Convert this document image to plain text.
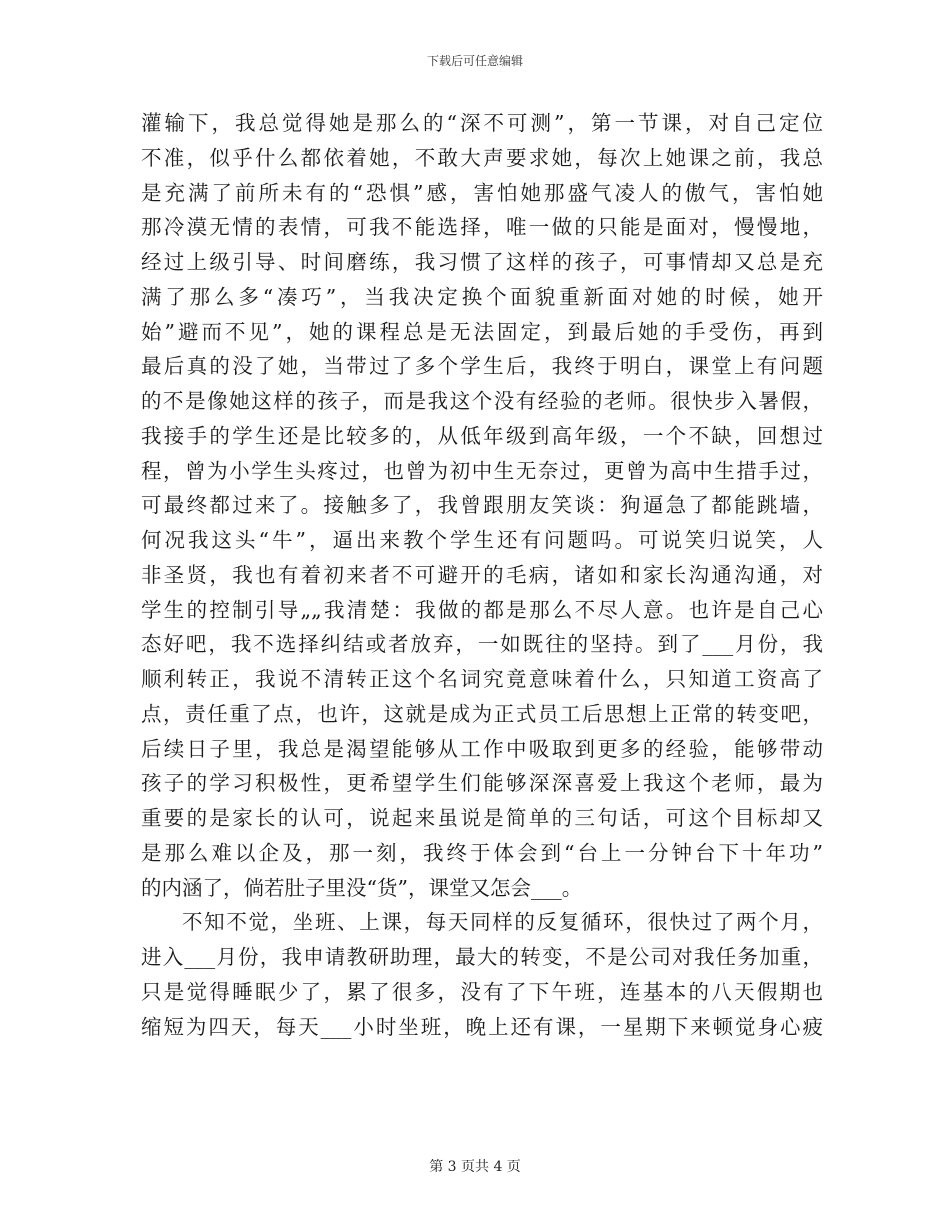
下载后可任意编辑
灌输下，我总觉得她是那么的“深不可测”，第一节课，对自己定位
不准，似乎什么都依着她，不敢大声要求她，每次上她课之前，我总
是充满了前所未有的“恐惧”感，害怕她那盛气凌人的傲气，害怕她
那冷漠无情的表情，可我不能选择，唯一做的只能是面对，慢慢地，
经过上级引导、时间磨练，我习惯了这样的孩子，可事情却又总是充
满了那么多“凑巧”，当我决定换个面貌重新面对她的时候，她开
始”避而不见”，她的课程总是无法固定，到最后她的手受伤，再到
最后真的没了她，当带过了多个学生后，我终于明白，课堂上有问题
的不是像她这样的孩子，而是我这个没有经验的老师。很快步入暑假，
我接手的学生还是比较多的，从低年级到高年级，一个不缺，回想过
程，曾为小学生头疼过，也曾为初中生无奈过，更曾为高中生措手过，
可最终都过来了。接触多了，我曾跟朋友笑谈：狗逼急了都能跳墙，
何况我这头“牛”，逼出来教个学生还有问题吗。可说笑归说笑，人
非圣贤，我也有着初来者不可避开的毛病，诸如和家长沟通沟通，对
学生的控制引导„„我清楚：我做的都是那么不尽人意。也许是自己心
态好吧，我不选择纠结或者放弃，一如既往的坚持。到了___月份，我
顺利转正，我说不清转正这个名词究竟意味着什么，只知道工资高了
点，责任重了点，也许，这就是成为正式员工后思想上正常的转变吧，
后续日子里，我总是渴望能够从工作中吸取到更多的经验，能够带动
孩子的学习积极性，更希望学生们能够深深喜爱上我这个老师，最为
重要的是家长的认可，说起来虽说是简单的三句话，可这个目标却又
是那么难以企及，那一刻，我终于体会到“台上一分钟台下十年功”
的内涵了，倘若肚子里没“货”，课堂又怎会___。
不知不觉，坐班、上课，每天同样的反复循环，很快过了两个月，
进入___月份，我申请教研助理，最大的转变，不是公司对我任务加重，
只是觉得睡眠少了，累了很多，没有了下午班，连基本的八天假期也
缩短为四天，每天___小时坐班，晚上还有课，一星期下来顿觉身心疲
第 3 页共 4 页
